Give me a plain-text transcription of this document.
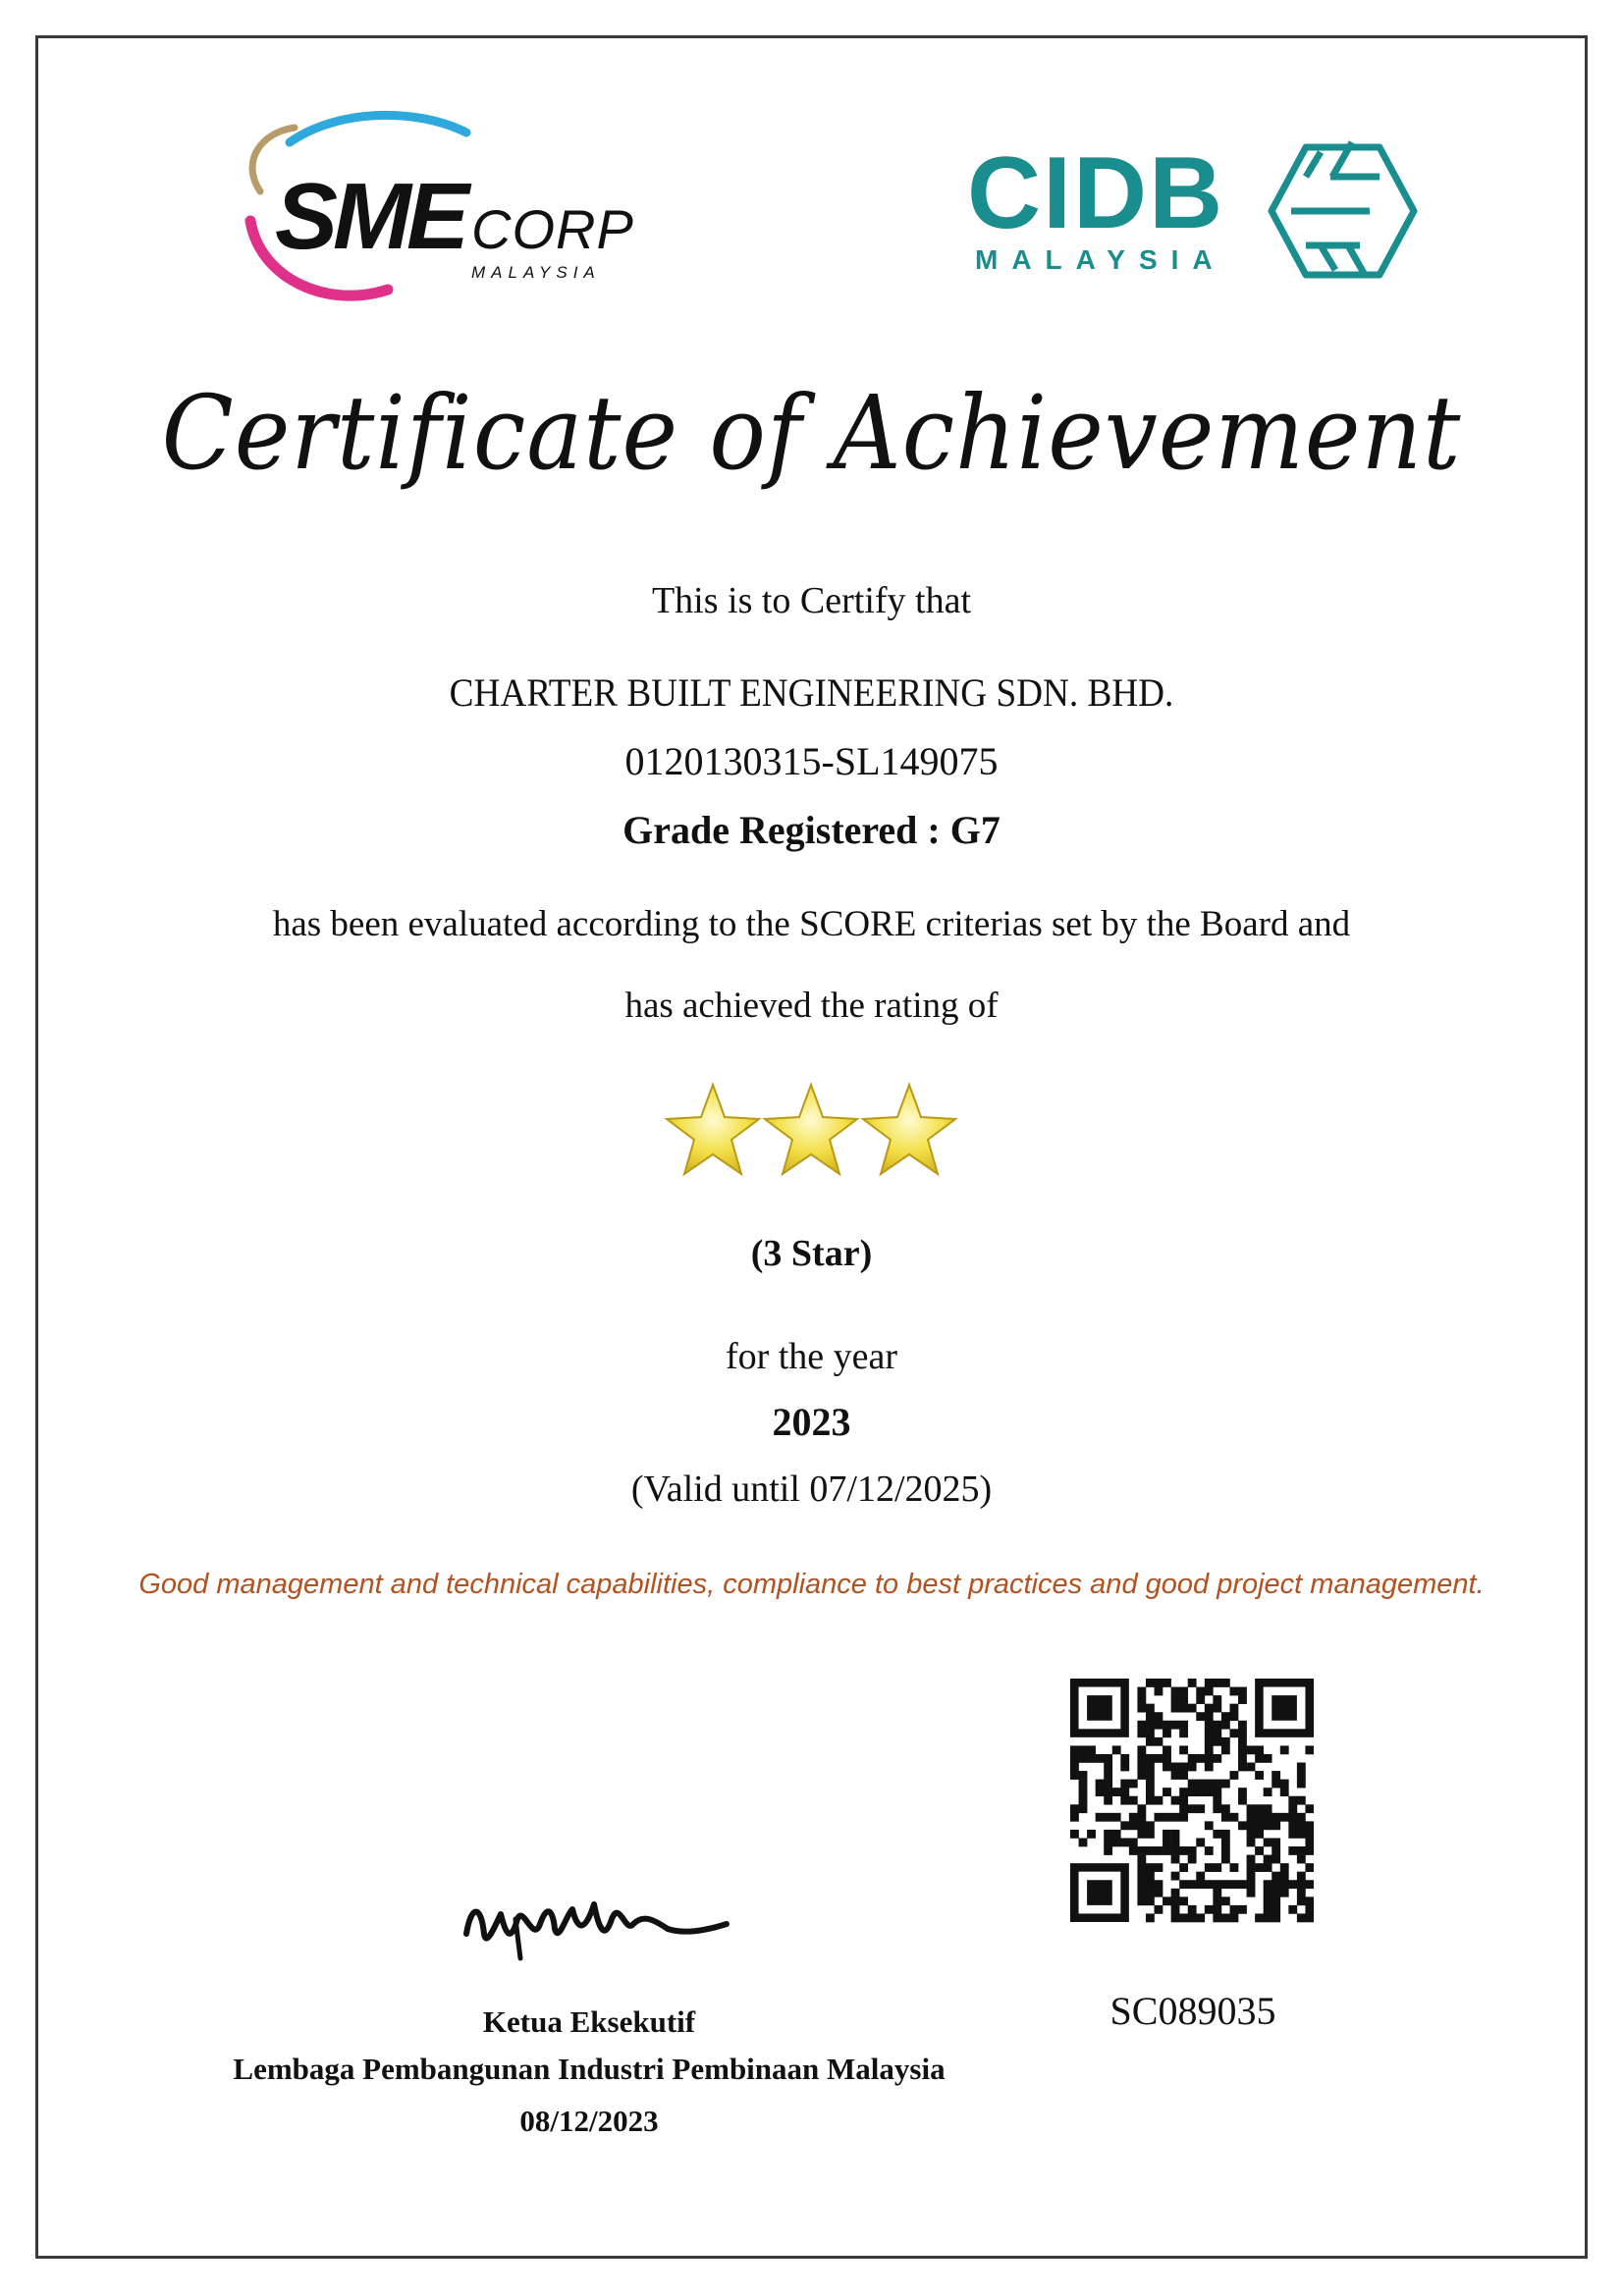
SME CORP
MALAYSIA
CIDB
MALAYSIA
Certificate of Achievement
This is to Certify that
CHARTER BUILT ENGINEERING SDN. BHD.
0120130315-SL149075
Grade Registered : G7
has been evaluated according to the SCORE criterias set by the Board and
has achieved the rating of
(3 Star)
for the year
2023
(Valid until 07/12/2025)
Good management and technical capabilities, compliance to best practices and good project management.
SC089035
Ketua Eksekutif
Lembaga Pembangunan Industri Pembinaan Malaysia
08/12/2023
